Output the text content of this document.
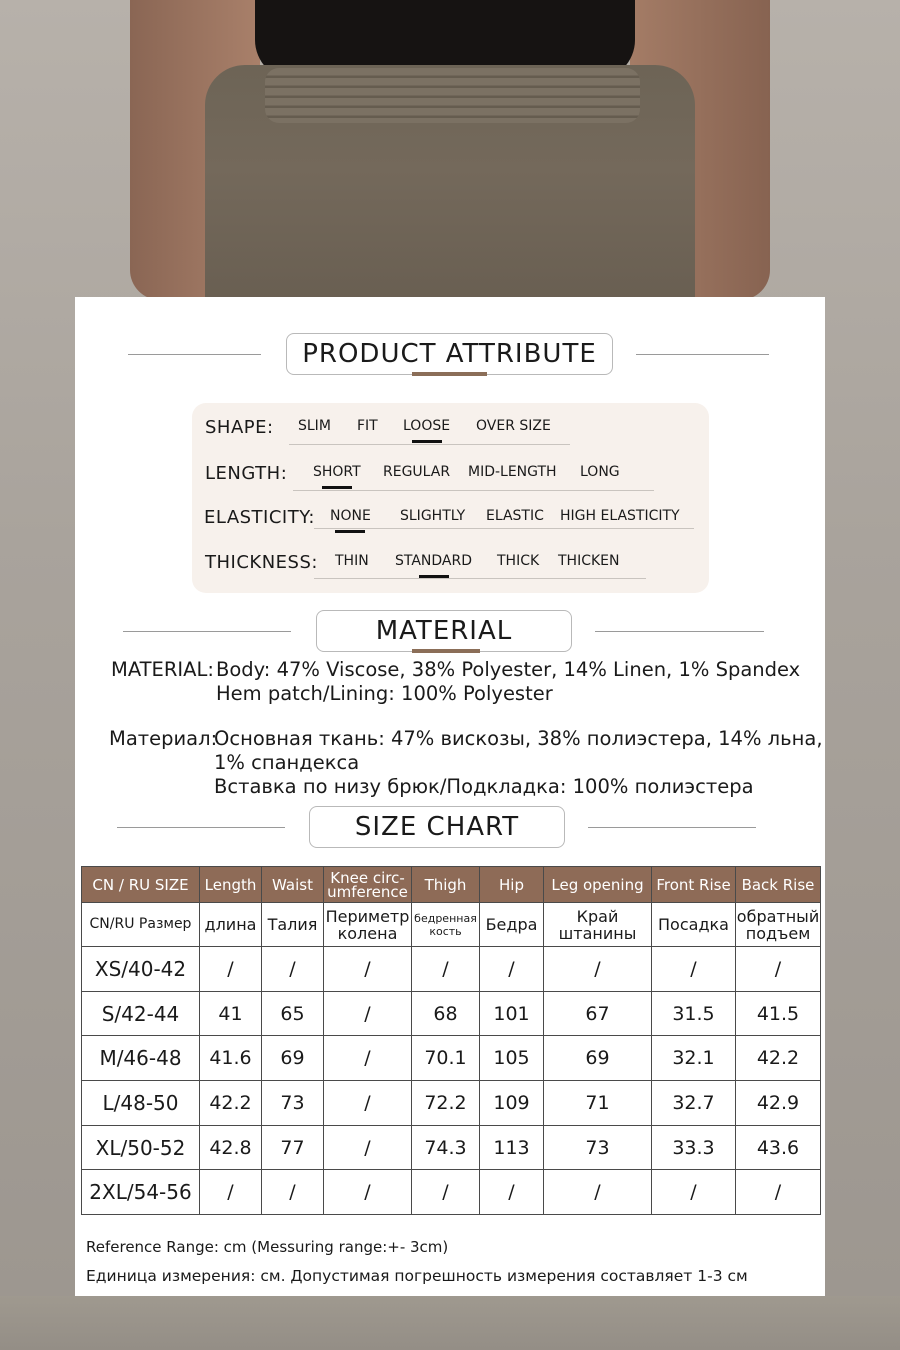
PRODUCT ATTRIBUTE
SHAPE: SLIM FIT LOOSE OVER SIZE
LENGTH: SHORT REGULAR MID-LENGTH LONG
ELASTICITY: NONE SLIGHTLY ELASTIC HIGH ELASTICITY
THICKNESS: THIN STANDARD THICK THICKEN
MATERIAL
MATERIAL: Body: 47% Viscose, 38% Polyester, 14% Linen, 1% Spandex
Hem patch/Lining: 100% Polyester
Материал:
Основная ткань: 47% вискозы, 38% полиэстера, 14% льна,
1% спандекса
Вставка по низу брюк/Подкладка: 100% полиэстера
SIZE CHART
CN / RU SIZE	Length	Waist	Knee circ-
umference	Thigh	Hip	Leg opening	Front Rise	Back Rise
CN/RU Размер	длина	Талия	Периметр
колена	бедренная
кость	Бедра	Край
штанины	Посадка	обратный
подъем
XS/40-42	/	/	/	/	/	/	/	/
S/42-44	41	65	/	68	101	67	31.5	41.5
M/46-48	41.6	69	/	70.1	105	69	32.1	42.2
L/48-50	42.2	73	/	72.2	109	71	32.7	42.9
XL/50-52	42.8	77	/	74.3	113	73	33.3	43.6
2XL/54-56	/	/	/	/	/	/	/	/
Reference Range: cm (Messuring range:+- 3cm)
Единица измерения: см. Допустимая погрешность измерения составляет 1-3 см
